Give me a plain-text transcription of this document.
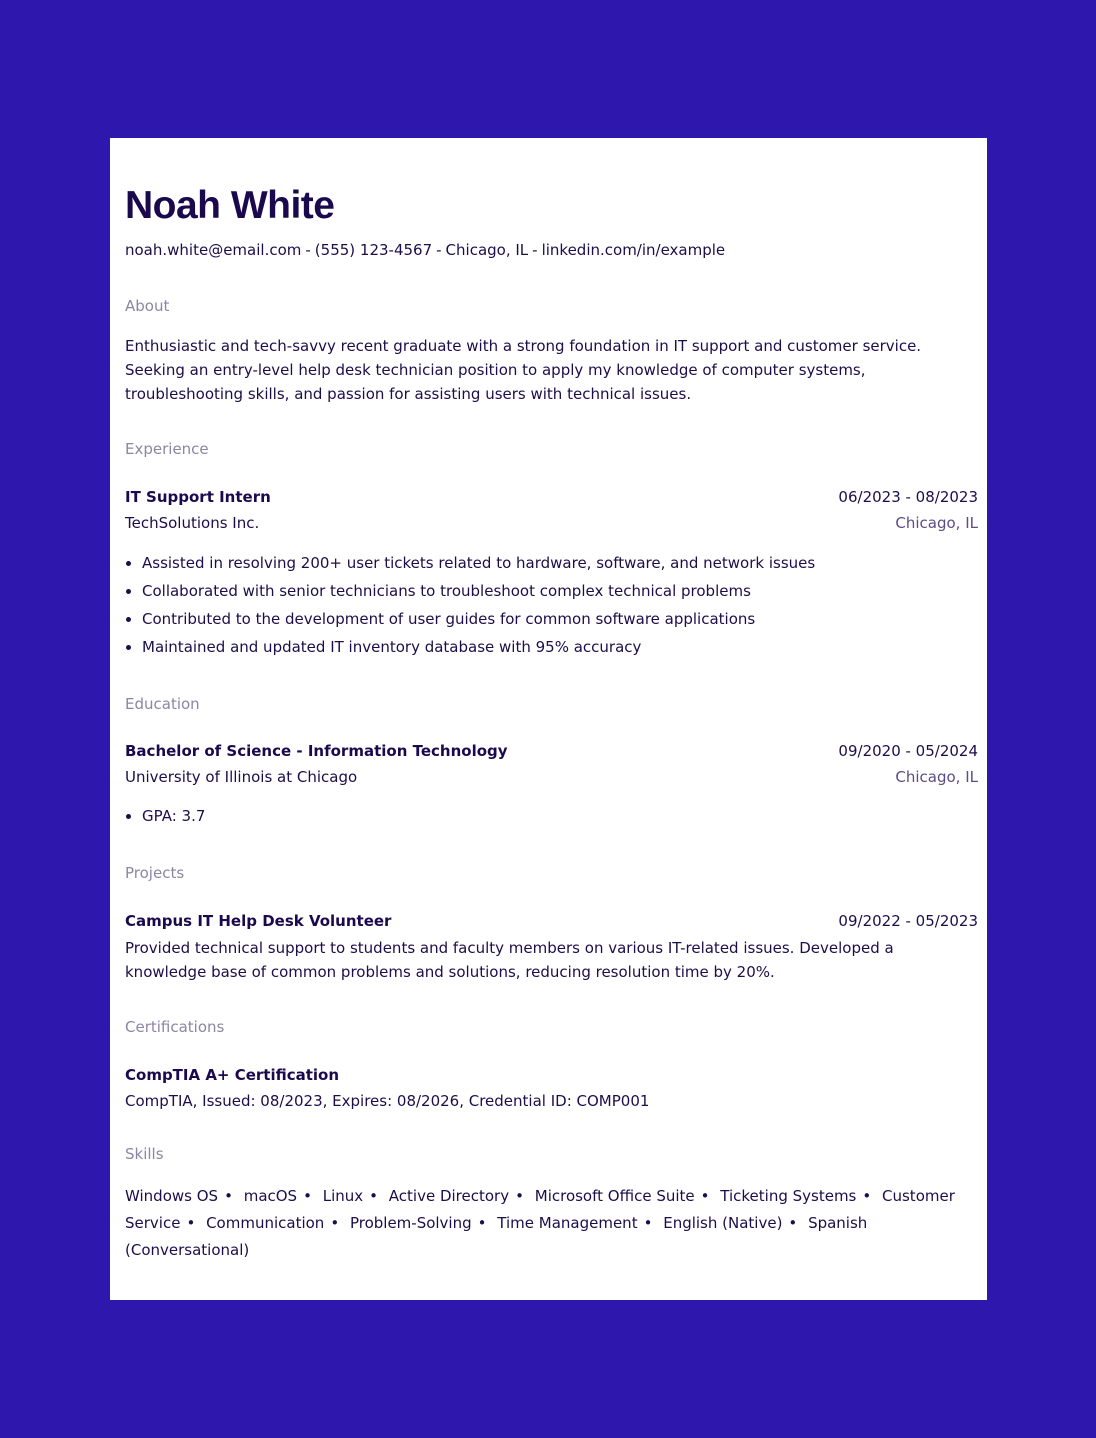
Noah White
noah.white@email.com - (555) 123-4567 - Chicago, IL - linkedin.com/in/example
About
Enthusiastic and tech-savvy recent graduate with a strong foundation in IT support and customer service. Seeking an entry-level help desk technician position to apply my knowledge of computer systems, troubleshooting skills, and passion for assisting users with technical issues.
Experience
IT Support Intern	06/2023 - 08/2023
TechSolutions Inc.	Chicago, IL
• Assisted in resolving 200+ user tickets related to hardware, software, and network issues
• Collaborated with senior technicians to troubleshoot complex technical problems
• Contributed to the development of user guides for common software applications
• Maintained and updated IT inventory database with 95% accuracy
Education
Bachelor of Science - Information Technology	09/2020 - 05/2024
University of Illinois at Chicago	Chicago, IL
• GPA: 3.7
Projects
Campus IT Help Desk Volunteer	09/2022 - 05/2023
Provided technical support to students and faculty members on various IT-related issues. Developed a knowledge base of common problems and solutions, reducing resolution time by 20%.
Certifications
CompTIA A+ Certification
CompTIA, Issued: 08/2023, Expires: 08/2026, Credential ID: COMP001
Skills
Windows OS • macOS • Linux • Active Directory • Microsoft Office Suite • Ticketing Systems • Customer Service • Communication • Problem-Solving • Time Management • English (Native) • Spanish (Conversational)
